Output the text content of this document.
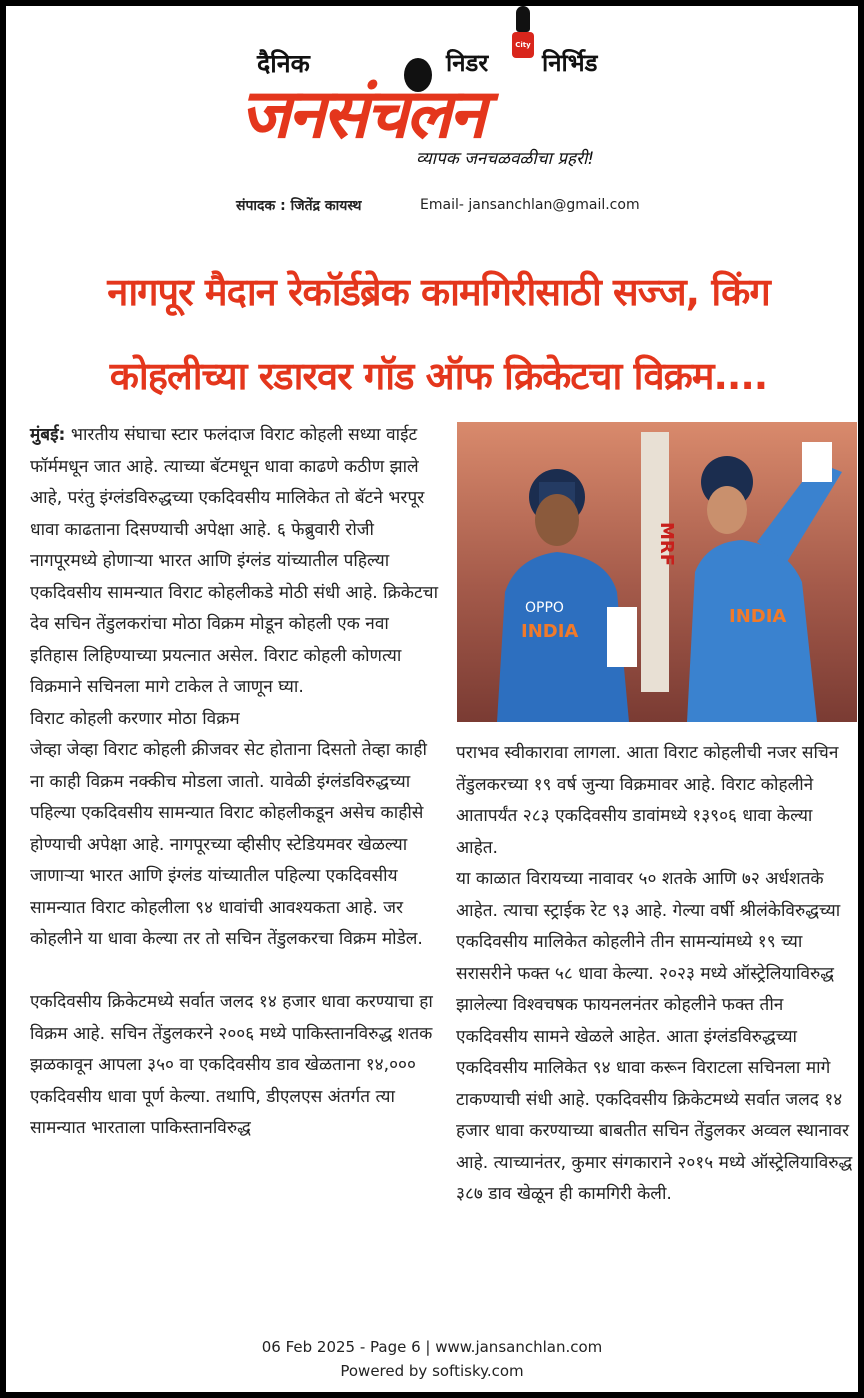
दैनिक	निडर निर्भिड
City
जनसंचलन
व्यापक जनचळवळीचा प्रहरी!
संपादक : जितेंद्र कायस्थ	Email- jansanchlan@gmail.com
नागपूर मैदान रेकॉर्डब्रेक कामगिरीसाठी सज्ज, किंग
कोहलीच्या रडारवर गॉड ऑफ क्रिकेटचा विक्रम....

मुंबई: भारतीय संघाचा स्टार फलंदाज विराट कोहली सध्या वाईट फॉर्ममधून जात आहे. त्याच्या बॅटमधून धावा काढणे कठीण झाले आहे, परंतु इंग्लंडविरुद्धच्या एकदिवसीय मालिकेत तो बॅटने भरपूर धावा काढताना दिसण्याची अपेक्षा आहे. ६ फेब्रुवारी रोजी नागपूरमध्ये होणाऱ्या भारत आणि इंग्लंड यांच्यातील पहिल्या एकदिवसीय सामन्यात विराट कोहलीकडे मोठी संधी आहे. क्रिकेटचा देव सचिन तेंडुलकरांचा मोठा विक्रम मोडून कोहली एक नवा इतिहास लिहिण्याच्या प्रयत्नात असेल. विराट कोहली कोणत्या विक्रमाने सचिनला मागे टाकेल ते जाणून घ्या.

विराट कोहली करणार मोठा विक्रम

जेव्हा जेव्हा विराट कोहली क्रीजवर सेट होताना दिसतो तेव्हा काही ना काही विक्रम नक्कीच मोडला जातो. यावेळी इंग्लंडविरुद्धच्या पहिल्या एकदिवसीय सामन्यात विराट कोहलीकडून असेच काहीसे होण्याची अपेक्षा आहे. नागपूरच्या व्हीसीए स्टेडियमवर खेळल्या जाणाऱ्या भारत आणि इंग्लंड यांच्यातील पहिल्या एकदिवसीय सामन्यात विराट कोहलीला ९४ धावांची आवश्यकता आहे. जर कोहलीने या धावा केल्या तर तो सचिन तेंडुलकरचा विक्रम मोडेल.

एकदिवसीय क्रिकेटमध्ये सर्वात जलद १४ हजार धावा करण्याचा हा विक्रम आहे. सचिन तेंडुलकरने २००६ मध्ये पाकिस्तानविरुद्ध शतक झळकावून आपला ३५० वा एकदिवसीय डाव खेळताना १४,००० एकदिवसीय धावा पूर्ण केल्या. तथापि, डीएलएस अंतर्गत त्या सामन्यात भारताला पाकिस्तानविरुद्ध

OPPO
INDIA
MRF
INDIA

पराभव स्वीकारावा लागला. आता विराट कोहलीची नजर सचिन तेंडुलकरच्या १९ वर्ष जुन्या विक्रमावर आहे. विराट कोहलीने आतापर्यंत २८३ एकदिवसीय डावांमध्ये १३९०६ धावा केल्या आहेत.

या काळात विरायच्या नावावर ५० शतके आणि ७२ अर्धशतके आहेत. त्याचा स्ट्राईक रेट ९३ आहे. गेल्या वर्षी श्रीलंकेविरुद्धच्या एकदिवसीय मालिकेत कोहलीने तीन सामन्यांमध्ये १९ च्या सरासरीने फक्त ५८ धावा केल्या. २०२३ मध्ये ऑस्ट्रेलियाविरुद्ध झालेल्या विश्वचषक फायनलनंतर कोहलीने फक्त तीन एकदिवसीय सामने खेळले आहेत. आता इंग्लंडविरुद्धच्या एकदिवसीय मालिकेत ९४ धावा करून विराटला सचिनला मागे टाकण्याची संधी आहे. एकदिवसीय क्रिकेटमध्ये सर्वात जलद १४ हजार धावा करण्याच्या बाबतीत सचिन तेंडुलकर अव्वल स्थानावर आहे. त्याच्यानंतर, कुमार संगकाराने २०१५ मध्ये ऑस्ट्रेलियाविरुद्ध ३८७ डाव खेळून ही कामगिरी केली.

06 Feb 2025 - Page 6 | www.jansanchlan.com
Powered by softisky.com
